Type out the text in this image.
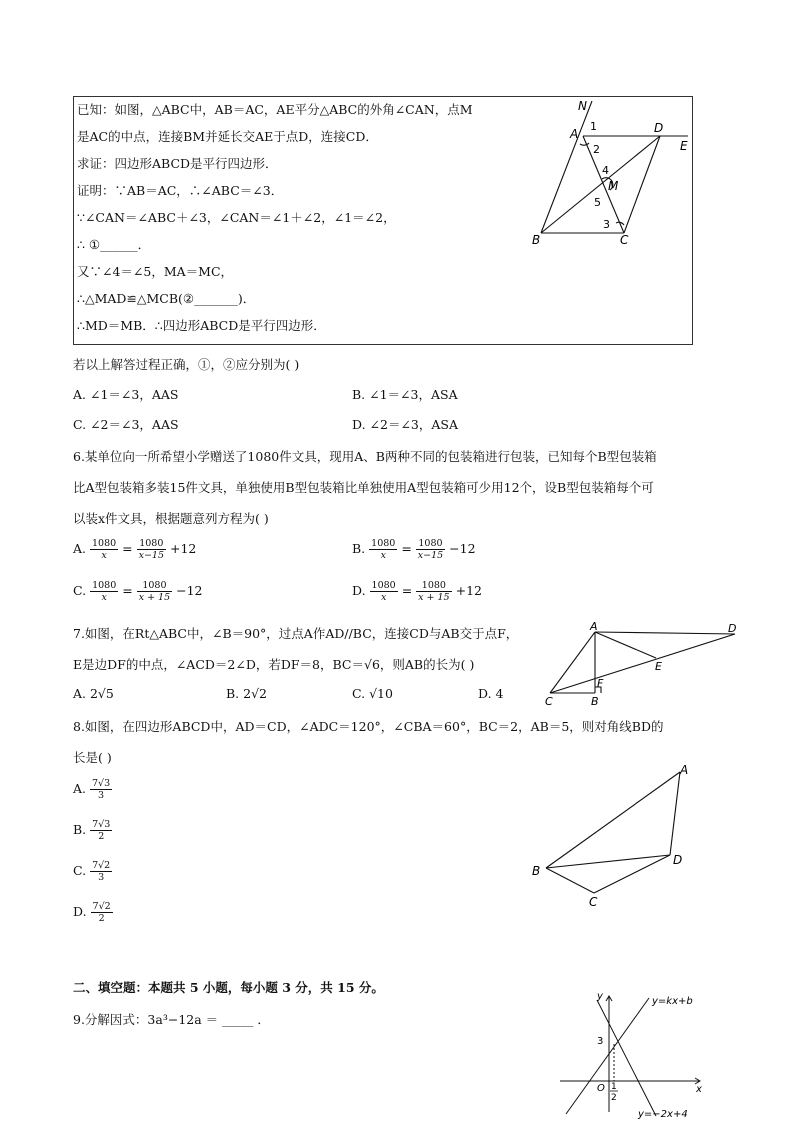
已知：如图，△ABC中，AB＝AC，AE平分△ABC的外角∠CAN，点M
是AC的中点，连接BM并延长交AE于点D，连接CD．
求证：四边形ABCD是平行四边形．
证明：∵AB＝AC，∴∠ABC＝∠3．
∵∠CAN＝∠ABC＋∠3，∠CAN＝∠1＋∠2，∠1＝∠2，
∴ ①______．
又∵∠4＝∠5，MA＝MC，
∴△MAD≌△MCB(②_______)．
∴MD＝MB．∴四边形ABCD是平行四边形．
N
A
1
2
D
E
4
M
5
3
B	C
若以上解答过程正确，①，②应分别为( )
A. ∠1＝∠3，AAS	B. ∠1＝∠3，ASA
C. ∠2＝∠3，AAS	D. ∠2＝∠3，ASA
6.某单位向一所希望小学赠送了1080件文具，现用A、B两种不同的包装箱进行包装，已知每个B型包装箱
比A型包装箱多装15件文具，单独使用B型包装箱比单独使用A型包装箱可少用12个，设B型包装箱每个可
以装x件文具，根据题意列方程为( )
A. $\frac{1080}{x} = \frac{1080}{x-15} +12$	B. $\frac{1080}{x} = \frac{1080}{x-15} -12$
C. $\frac{1080}{x} = \frac{1080}{x + 15} -12$	D. $\frac{1080}{x} = \frac{1080}{x + 15} +12$
7.如图，在Rt△ABC中，∠B＝90°，过点A作AD//BC，连接CD与AB交于点F，
E是边DF的中点，∠ACD＝2∠D，若DF＝8，BC＝√6，则AB的长为( )
A. 2√5	B. 2√2	C. √10	D. 4
A	D
E
F
C	B
8.如图，在四边形ABCD中，AD＝CD，∠ADC＝120°，∠CBA＝60°，BC＝2，AB＝5，则对角线BD的
长是( )
A. $\frac{7√3}{3}$
B. $\frac{7√3}{2}$
C. $\frac{7√2}{3}$
D. $\frac{7√2}{2}$
A
B
D
C
二、填空题：本题共 5 小题，每小题 3 分，共 15 分。
9.分解因式：3a³−12a ＝ _____ ．
y	y=kx+b
3
O 1
2
x
y=−2x+4
